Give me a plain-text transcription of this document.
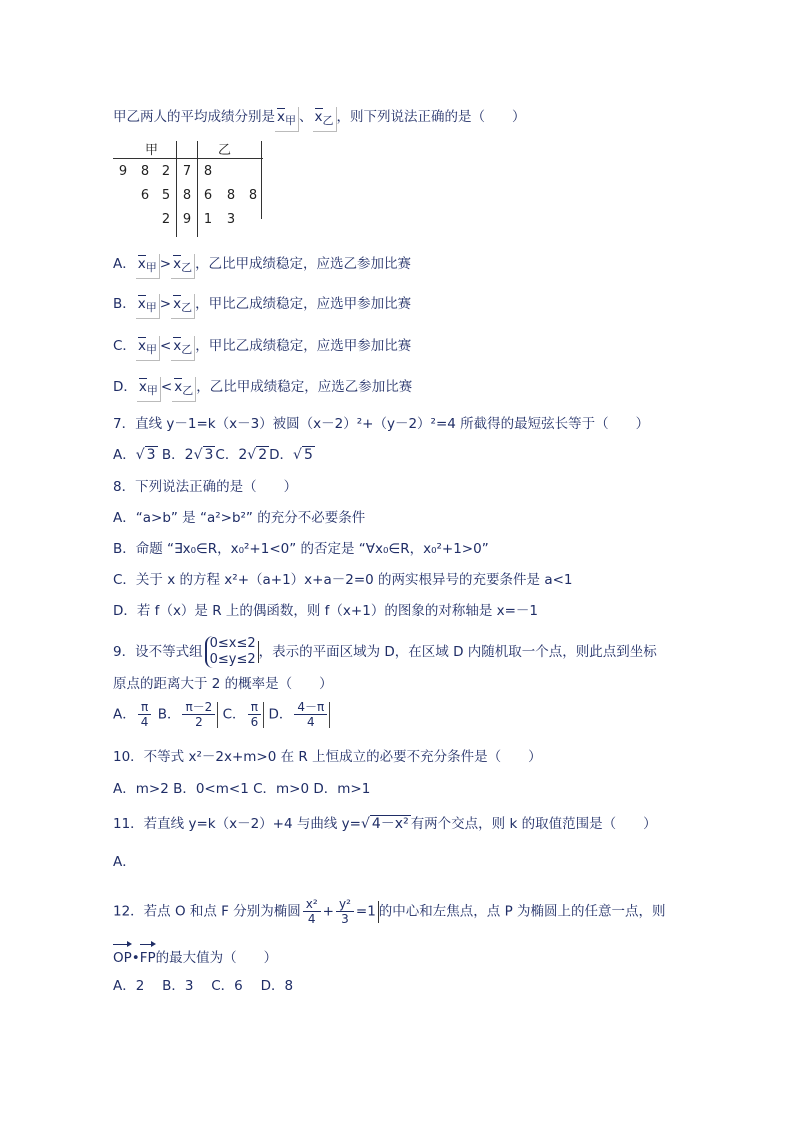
甲乙两人的平均成绩分别是 $x_甲$ 、 $x_乙$ ，则下列说法正确的是（　　）
甲	乙
9 8 2 7 8
6 5 8 6 8 8
2 9 1 3
A． $x_甲 > x_乙$ ，乙比甲成绩稳定，应选乙参加比赛
B． $x_甲 > x_乙$ ，甲比乙成绩稳定，应选甲参加比赛
C． $x_甲 < x_乙$ ，甲比乙成绩稳定，应选甲参加比赛
D． $x_甲 < x_乙$ ，乙比甲成绩稳定，应选乙参加比赛
7．直线 y－1=k（x－3）被圆（x－2）²+（y－2）²=4 所截得的最短弦长等于（　　）
A．√ 3 B．2√ 3 C．2√ 2 D．√ 5
8．下列说法正确的是（　　）
A．“a>b” 是 “a²>b²” 的充分不必要条件
B．命题 “∃x₀∈R，x₀²+1<0” 的否定是 “∀x₀∈R，x₀²+1>0”
C．关于 x 的方程 x²+（a+1）x+a－2=0 的两实根异号的充要条件是 a<1
D．若 f（x）是 R 上的偶函数，则 f（x+1）的图象的对称轴是 x=－1
9．设不等式组
0≤x≤2
0≤y≤2 ，表示的平面区域为 D，在区域 D 内随机取一个点，则此点到坐标
原点的距离大于 2 的概率是（　　）
A． $\frac{\pi}{4}$ B． $\frac{\pi-2}{2}$ C． $\frac{\pi}{6}$ D． $\frac{4-\pi}{4}$
10．不等式 x²－2x+m>0 在 R 上恒成立的必要不充分条件是（　　）
A．m>2 B．0<m<1 C．m>0 D．m>1
11．若直线 y=k（x－2）+4 与曲线 y=√ 4－x² 有两个交点，则 k 的取值范围是（　　）
A．
12．若点 O 和点 F 分别为椭圆 $\frac{\text{x²}}{4} + \frac{\text{y²}}{3} =1$ 的中心和左焦点，点 P 为椭圆上的任意一点，则
OP•FP的最大值为（　　）
A．2　 B．3　 C．6　 D．8
